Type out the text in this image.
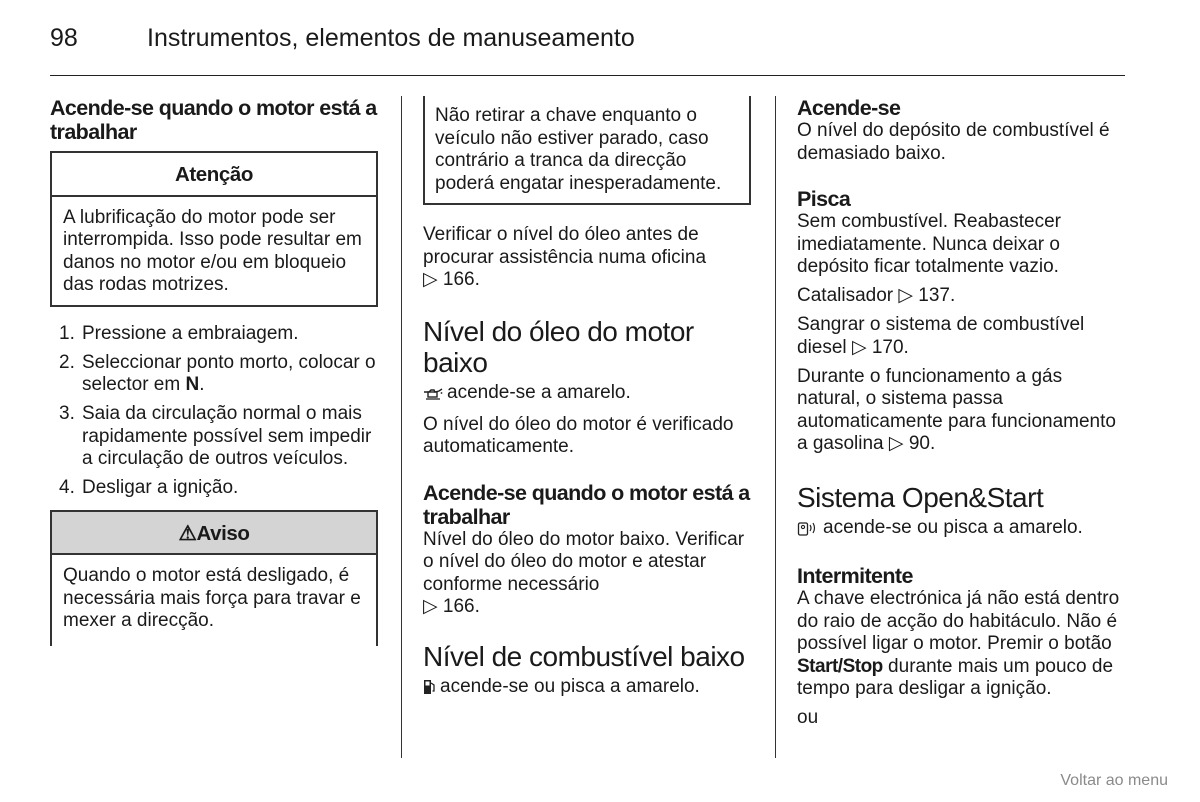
98	Instrumentos, elementos de manuseamento
Acende-se quando o motor está a trabalhar
Atenção
A lubrificação do motor pode ser interrompida. Isso pode resultar em danos no motor e/ou em bloqueio das rodas motrizes.
1. Pressione a embraiagem.
2. Seleccionar ponto morto, colocar o selector em N.
3. Saia da circulação normal o mais rapidamente possível sem impedir a circulação de outros veículos.
4. Desligar a ignição.
⚠Aviso
Quando o motor está desligado, é necessária mais força para travar e mexer a direcção.
Não retirar a chave enquanto o veículo não estiver parado, caso contrário a tranca da direcção poderá engatar inesperadamente.

Verificar o nível do óleo antes de procurar assistência numa oficina
▷ 166.

Nível do óleo do motor baixo

acende-se a amarelo.

O nível do óleo do motor é verificado automaticamente.

Acende-se quando o motor está a trabalhar

Nível do óleo do motor baixo. Verificar o nível do óleo do motor e atestar conforme necessário
▷ 166.

Nível de combustível baixo

acende-se ou pisca a amarelo.

Acende-se

O nível do depósito de combustível é demasiado baixo.

Pisca

Sem combustível. Reabastecer imediatamente. Nunca deixar o depósito ficar totalmente vazio.

Catalisador ▷ 137.

Sangrar o sistema de combustível diesel ▷ 170.

Durante o funcionamento a gás natural, o sistema passa automaticamente para funcionamento a gasolina ▷ 90.

Sistema Open&Start

acende-se ou pisca a amarelo.

Intermitente

A chave electrónica já não está dentro do raio de acção do habitáculo. Não é possível ligar o motor. Premir o botão Start/Stop durante mais um pouco de tempo para desligar a ignição.

ou

Voltar ao menu
